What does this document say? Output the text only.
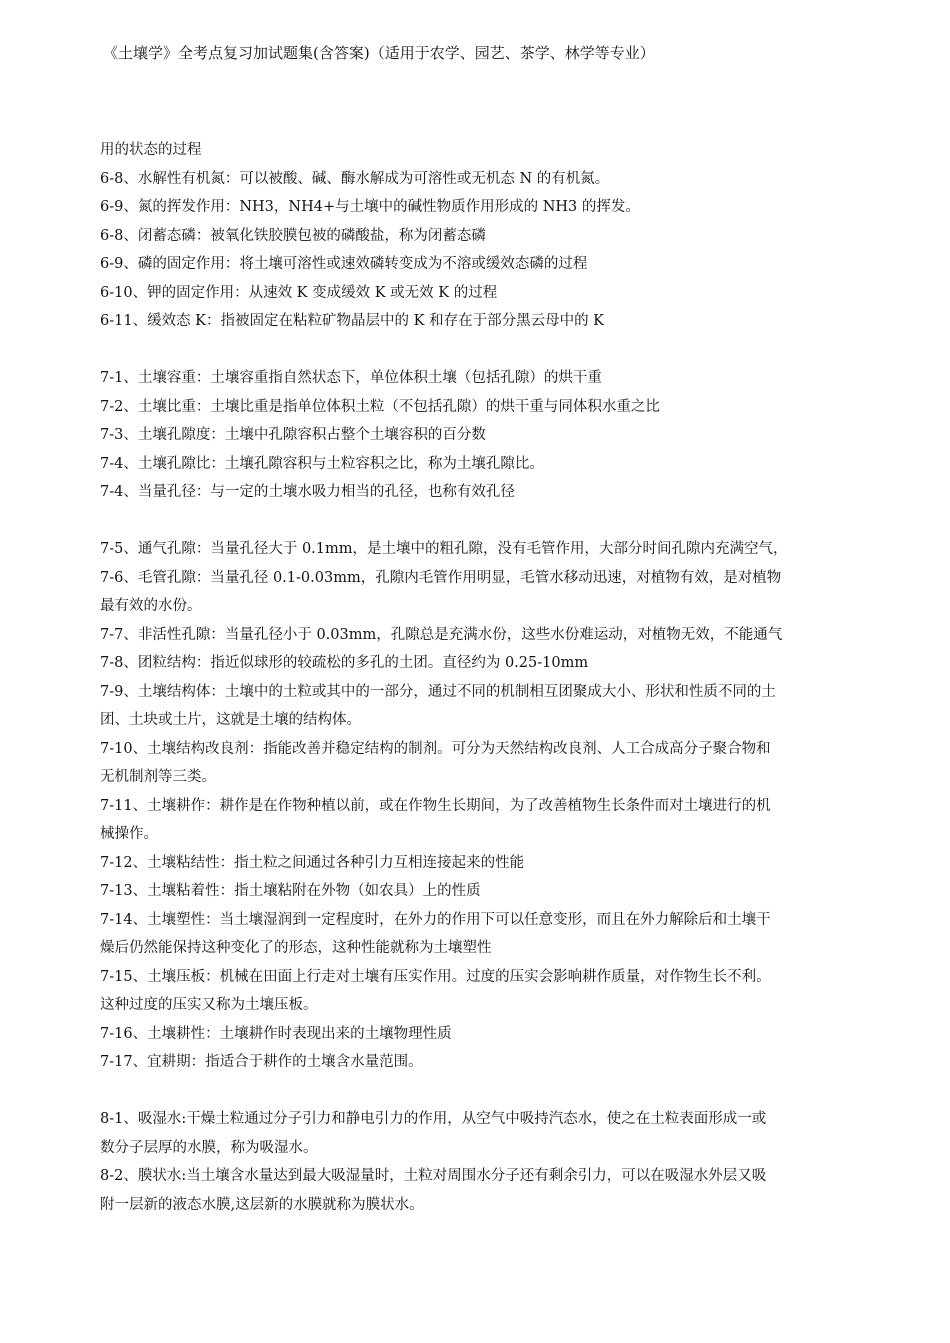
《土壤学》全考点复习加试题集(含答案)（适用于农学、园艺、茶学、林学等专业）
用的状态的过程
6-8、水解性有机氮：可以被酸、碱、酶水解成为可溶性或无机态 N 的有机氮。
6-9、氮的挥发作用：NH3，NH4+与土壤中的碱性物质作用形成的 NH3 的挥发。
6-8、闭蓄态磷：被氧化铁胶膜包被的磷酸盐，称为闭蓄态磷
6-9、磷的固定作用：将土壤可溶性或速效磷转变成为不溶或缓效态磷的过程
6-10、钾的固定作用：从速效 K 变成缓效 K 或无效 K 的过程
6-11、缓效态 K：指被固定在粘粒矿物晶层中的 K 和存在于部分黑云母中的 K
7-1、土壤容重：土壤容重指自然状态下，单位体积土壤（包括孔隙）的烘干重
7-2、土壤比重：土壤比重是指单位体积土粒（不包括孔隙）的烘干重与同体积水重之比
7-3、土壤孔隙度：土壤中孔隙容积占整个土壤容积的百分数
7-4、土壤孔隙比：土壤孔隙容积与土粒容积之比，称为土壤孔隙比。
7-4、当量孔径：与一定的土壤水吸力相当的孔径，也称有效孔径
7-5、通气孔隙：当量孔径大于 0.1mm，是土壤中的粗孔隙，没有毛管作用，大部分时间孔隙内充满空气，
7-6、毛管孔隙：当量孔径 0.1-0.03mm，孔隙内毛管作用明显，毛管水移动迅速，对植物有效，是对植物
最有效的水份。
7-7、非活性孔隙：当量孔径小于 0.03mm，孔隙总是充满水份，这些水份难运动，对植物无效，不能通气
7-8、团粒结构：指近似球形的较疏松的多孔的土团。直径约为 0.25-10mm
7-9、土壤结构体：土壤中的土粒或其中的一部分，通过不同的机制相互团聚成大小、形状和性质不同的土
团、土块或土片，这就是土壤的结构体。
7-10、土壤结构改良剂：指能改善并稳定结构的制剂。可分为天然结构改良剂、人工合成高分子聚合物和
无机制剂等三类。
7-11、土壤耕作：耕作是在作物种植以前，或在作物生长期间，为了改善植物生长条件而对土壤进行的机
械操作。
7-12、土壤粘结性：指土粒之间通过各种引力互相连接起来的性能
7-13、土壤粘着性：指土壤粘附在外物（如农具）上的性质
7-14、土壤塑性：当土壤湿润到一定程度时，在外力的作用下可以任意变形，而且在外力解除后和土壤干
燥后仍然能保持这种变化了的形态，这种性能就称为土壤塑性
7-15、土壤压板：机械在田面上行走对土壤有压实作用。过度的压实会影响耕作质量，对作物生长不利。
这种过度的压实又称为土壤压板。
7-16、土壤耕性：土壤耕作时表现出来的土壤物理性质
7-17、宜耕期：指适合于耕作的土壤含水量范围。
8-1、吸湿水:干燥土粒通过分子引力和静电引力的作用，从空气中吸持汽态水，使之在土粒表面形成一或
数分子层厚的水膜，称为吸湿水。
8-2、膜状水:当土壤含水量达到最大吸湿量时，土粒对周围水分子还有剩余引力，可以在吸湿水外层又吸
附一层新的液态水膜,这层新的水膜就称为膜状水。
